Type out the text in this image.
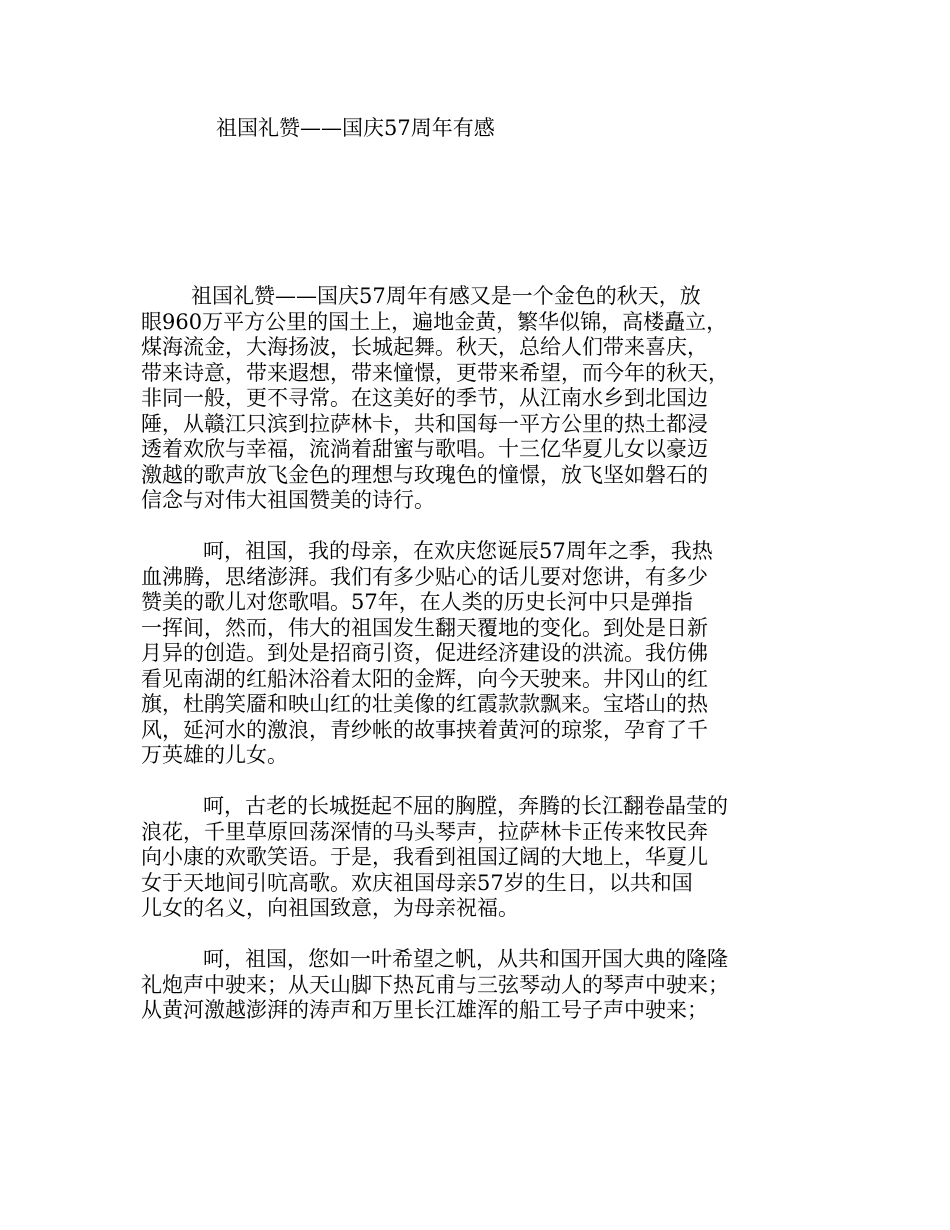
祖国礼赞——国庆57周年有感

祖国礼赞——国庆57周年有感又是一个金色的秋天，放
眼960万平方公里的国土上，遍地金黄，繁华似锦，高楼矗立，
煤海流金，大海扬波，长城起舞。秋天，总给人们带来喜庆，
带来诗意，带来遐想，带来憧憬，更带来希望，而今年的秋天，
非同一般，更不寻常。在这美好的季节，从江南水乡到北国边
陲，从赣江只滨到拉萨林卡，共和国每一平方公里的热土都浸
透着欢欣与幸福，流淌着甜蜜与歌唱。十三亿华夏儿女以豪迈
激越的歌声放飞金色的理想与玫瑰色的憧憬，放飞坚如磐石的
信念与对伟大祖国赞美的诗行。

呵，祖国，我的母亲，在欢庆您诞辰57周年之季，我热
血沸腾，思绪澎湃。我们有多少贴心的话儿要对您讲，有多少
赞美的歌儿对您歌唱。57年，在人类的历史长河中只是弹指
一挥间，然而，伟大的祖国发生翻天覆地的变化。到处是日新
月异的创造。到处是招商引资，促进经济建设的洪流。我仿佛
看见南湖的红船沐浴着太阳的金辉，向今天驶来。井冈山的红
旗，杜鹃笑靥和映山红的壮美像的红霞款款飘来。宝塔山的热
风，延河水的激浪，青纱帐的故事挟着黄河的琼浆，孕育了千
万英雄的儿女。

呵，古老的长城挺起不屈的胸膛，奔腾的长江翻卷晶莹的
浪花，千里草原回荡深情的马头琴声，拉萨林卡正传来牧民奔
向小康的欢歌笑语。于是，我看到祖国辽阔的大地上，华夏儿
女于天地间引吭高歌。欢庆祖国母亲57岁的生日，以共和国
儿女的名义，向祖国致意，为母亲祝福。

呵，祖国，您如一叶希望之帆，从共和国开国大典的隆隆
礼炮声中驶来；从天山脚下热瓦甫与三弦琴动人的琴声中驶来；
从黄河激越澎湃的涛声和万里长江雄浑的船工号子声中驶来；
